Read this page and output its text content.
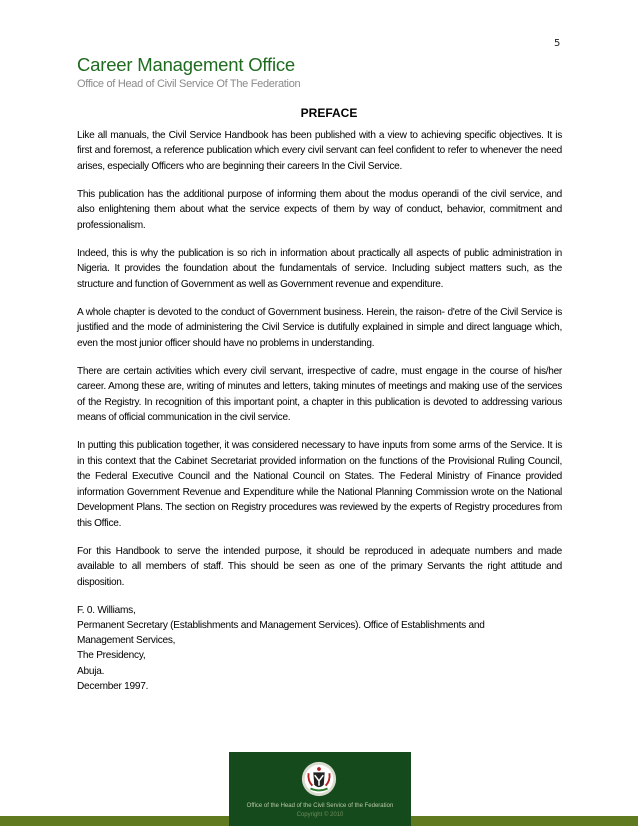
5
Career Management Office
Office of Head of Civil Service Of The Federation
PREFACE

Like all manuals, the Civil Service Handbook has been published with a view to achieving specific objectives. It is first and foremost, a reference publication which every civil servant can feel confident to refer to whenever the need arises, especially Officers who are beginning their careers In the Civil Service.

This publication has the additional purpose of informing them about the modus operandi of the civil service, and also enlightening them about what the service expects of them by way of conduct, behavior, commitment and professionalism.

Indeed, this is why the publication is so rich in information about practically all aspects of public administration in Nigeria. It provides the foundation about the fundamentals of service. Including subject matters such, as the structure and function of Government as well as Government revenue and expenditure.

A whole chapter is devoted to the conduct of Government business. Herein, the raison- d'etre of the Civil Service is justified and the mode of administering the Civil Service is dutifully explained in simple and direct language which, even the most junior officer should have no problems in understanding.

There are certain activities which every civil servant, irrespective of cadre, must engage in the course of his/her career. Among these are, writing of minutes and letters, taking minutes of meetings and making use of the services of the Registry. In recognition of this important point, a chapter in this publication is devoted to addressing various means of official communication in the civil service.

In putting this publication together, it was considered necessary to have inputs from some arms of the Service. It is in this context that the Cabinet Secretariat provided information on the functions of the Provisional Ruling Council, the Federal Executive Council and the National Council on States. The Federal Ministry of Finance provided information Government Revenue and Expenditure while the National Planning Commission wrote on the National Development Plans. The section on Registry procedures was reviewed by the experts of Registry procedures from this Office.

For this Handbook to serve the intended purpose, it should be reproduced in adequate numbers and made available to all members of staff. This should be seen as one of the primary Servants the right attitude and disposition.

F. 0. Williams,
Permanent Secretary (Establishments and Management Services). Office of Establishments and
Management Services,
The Presidency,
Abuja.
December 1997.
Office of the Head of the Civil Service of the Federation
Copyright © 2010
